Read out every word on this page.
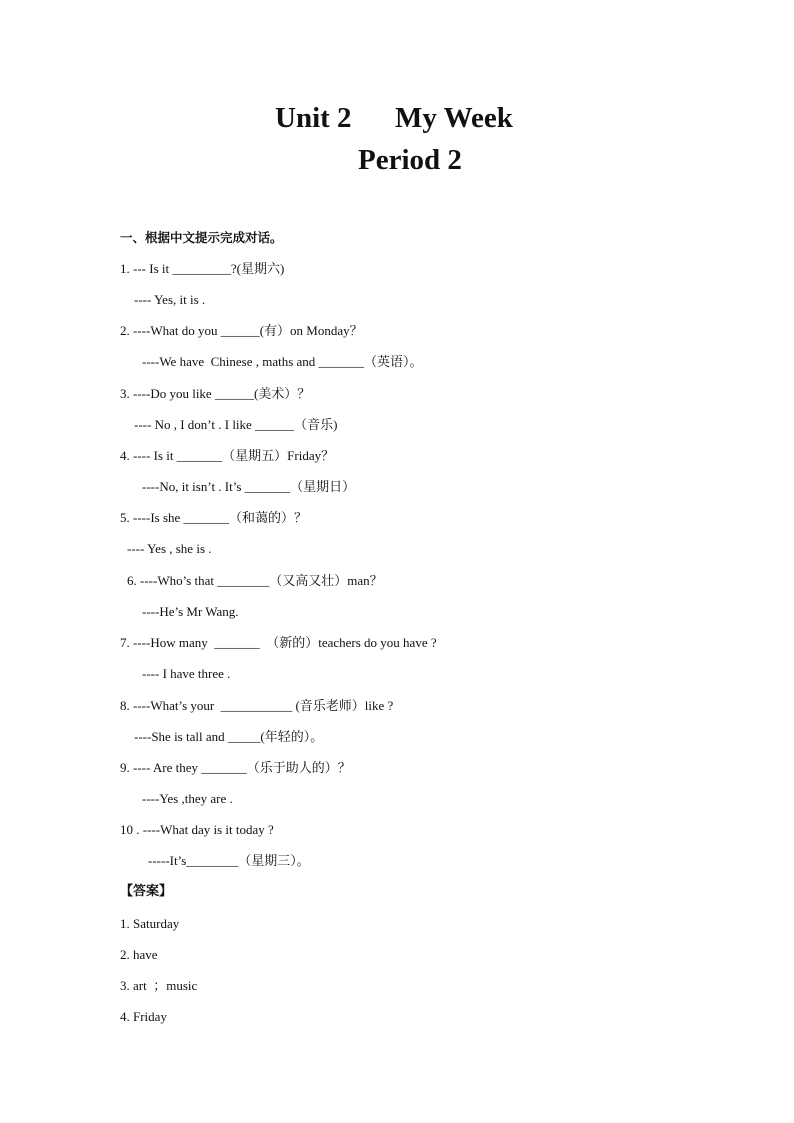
Unit 2      My Week
Period 2
一、根据中文提示完成对话。
1. --- Is it _________?(星期六)
---- Yes, it is .
2. ----What do you ______(有）on Monday？
----We have  Chinese , maths and _______（英语）。
3. ----Do you like ______(美术）？
---- No , I don’t . I like ______（音乐)
4. ---- Is it _______（星期五）Friday？
----No, it isn’t . It’s _______（星期日）
5. ----Is she _______（和蔼的）？
---- Yes , she is .
6. ----Who’s that ________（又高又壮）man？
----He’s Mr Wang.
7. ----How many  _______  （新的）teachers do you have ?
---- I have three .
8. ----What’s your  ___________ (音乐老师）like ?
----She is tall and _____(年轻的）。
9. ---- Are they _______（乐于助人的）？
----Yes ,they are .
10 . ----What day is it today ?
-----It’s________（星期三）。
【答案】
1. Saturday
2. have
3. art  ；music
4. Friday
